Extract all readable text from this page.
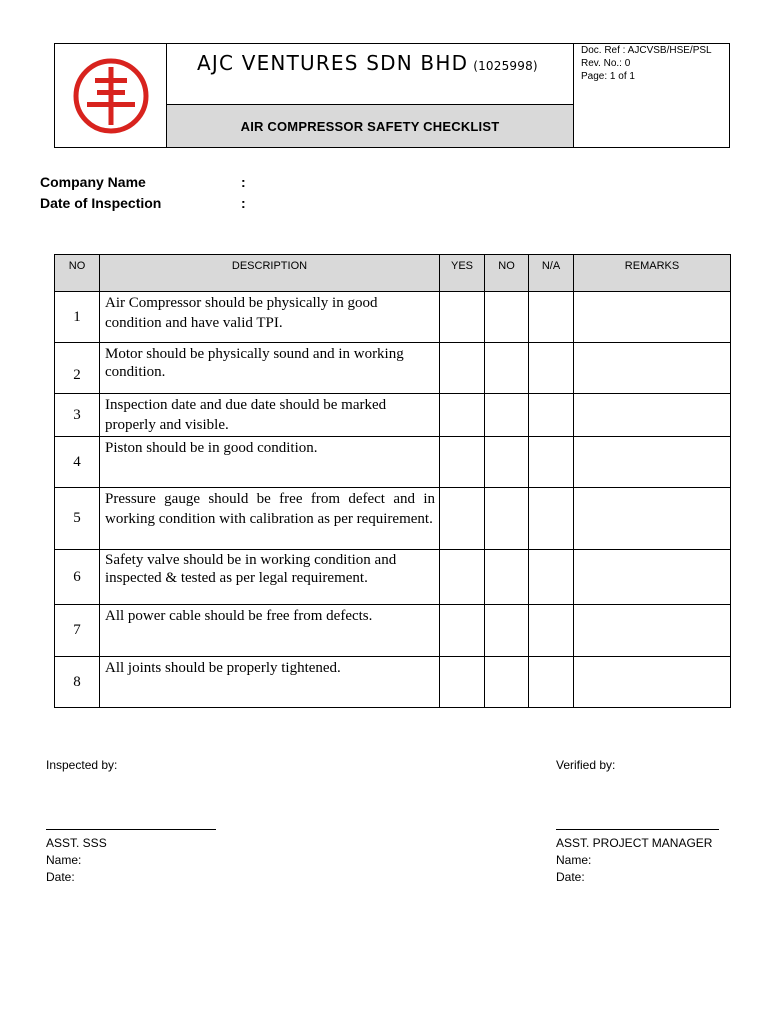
AJC VENTURES SDN BHD (1025998)
AIR COMPRESSOR SAFETY CHECKLIST
Doc. Ref : AJCVSB/HSE/PSL
Rev. No.: 0
Page: 1 of 1
Company Name	:
Date of Inspection	:
NO	DESCRIPTION	YES	NO	N/A	REMARKS
1	Air Compressor should be physically in good condition and have valid TPI.				
2	Motor should be physically sound and in working condition.				
3	Inspection date and due date should be marked properly and visible.				
4	Piston should be in good condition.				
5	Pressure gauge should be free from defect and in working condition with calibration as per requirement.				
6	Safety valve should be in working condition and inspected & tested as per legal requirement.				
7	All power cable should be free from defects.				
8	All joints should be properly tightened.				
Inspected by:
ASST. SSS
Name:
Date:
Verified by:
ASST. PROJECT MANAGER
Name:
Date:
